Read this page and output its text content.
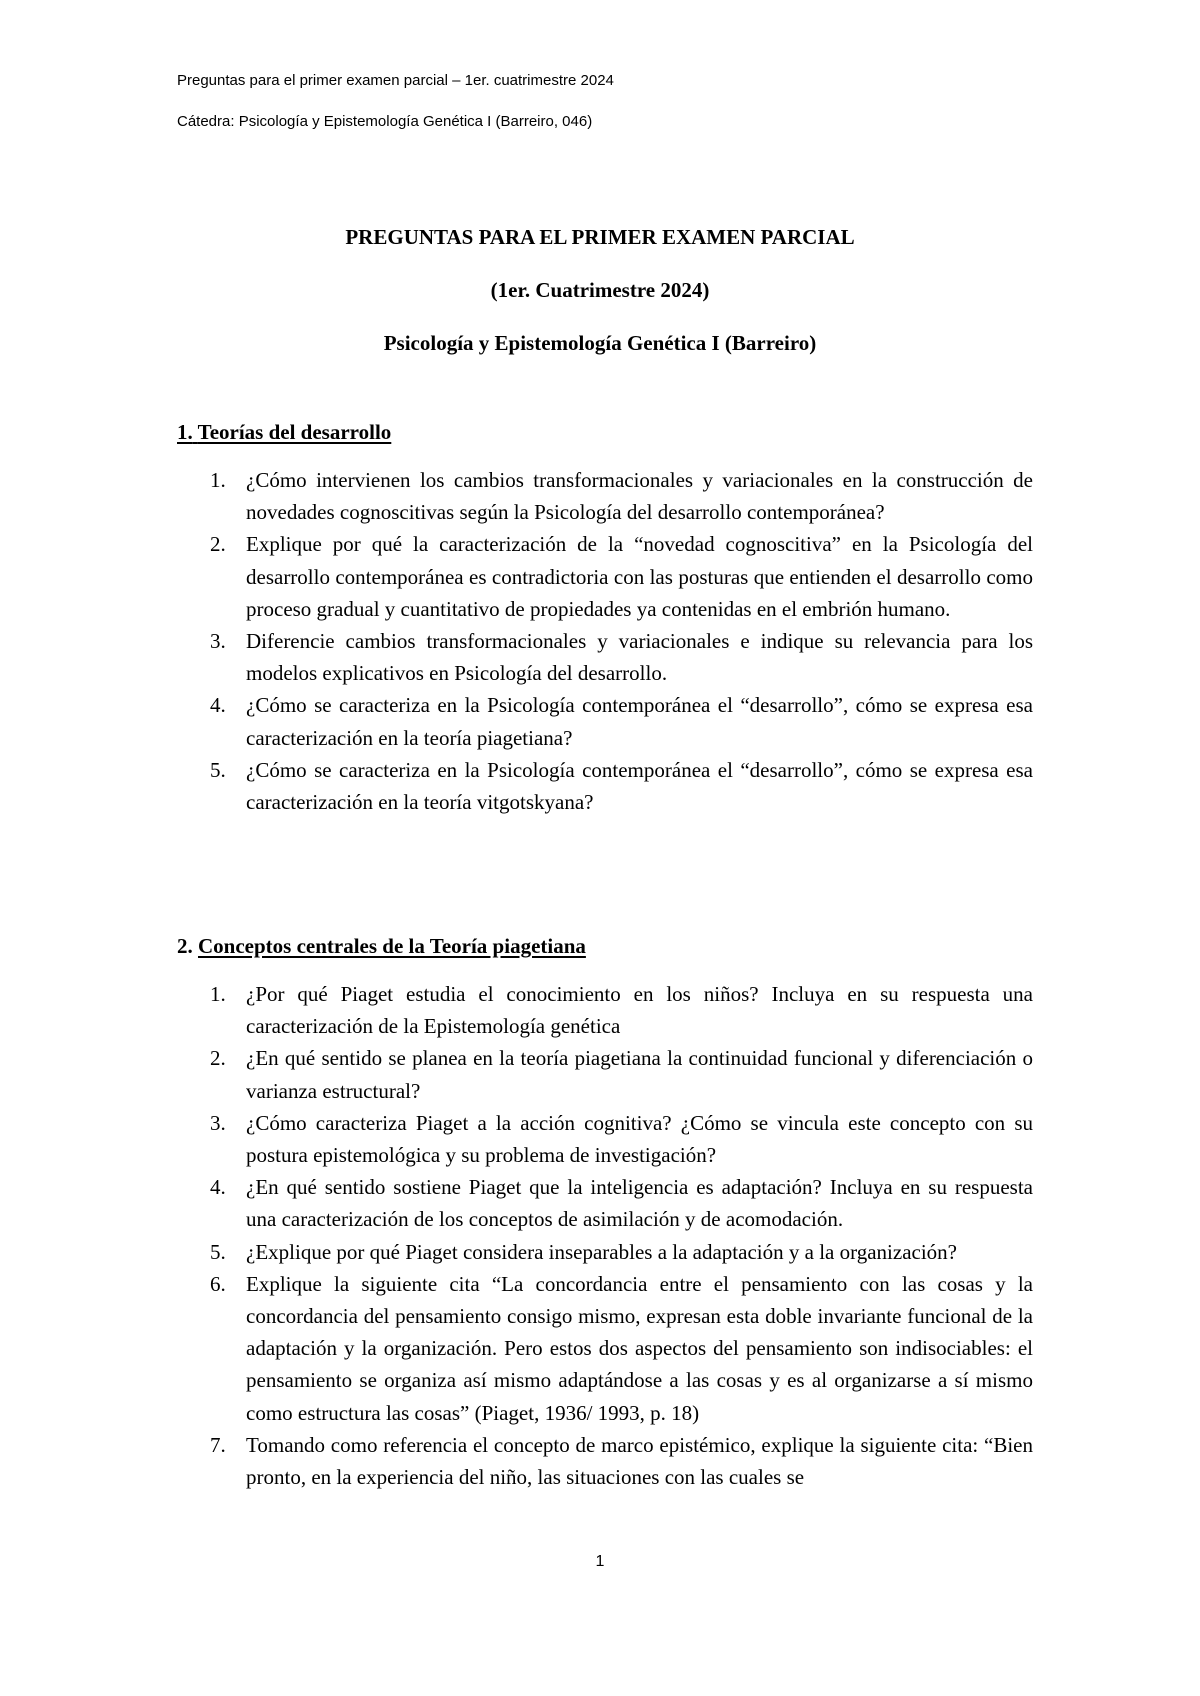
Preguntas para el primer examen parcial – 1er. cuatrimestre 2024
Cátedra: Psicología y Epistemología Genética I (Barreiro, 046)
PREGUNTAS PARA EL PRIMER EXAMEN PARCIAL
(1er. Cuatrimestre 2024)
Psicología y Epistemología Genética I (Barreiro)
1. Teorías del desarrollo
1. ¿Cómo intervienen los cambios transformacionales y variacionales en la construcción de novedades cognoscitivas según la Psicología del desarrollo contemporánea?
2. Explique por qué la caracterización de la “novedad cognoscitiva” en la Psicología del desarrollo contemporánea es contradictoria con las posturas que entienden el desarrollo como proceso gradual y cuantitativo de propiedades ya contenidas en el embrión humano.
3. Diferencie cambios transformacionales y variacionales e indique su relevancia para los modelos explicativos en Psicología del desarrollo.
4. ¿Cómo se caracteriza en la Psicología contemporánea el “desarrollo”, cómo se expresa esa caracterización en la teoría piagetiana?
5. ¿Cómo se caracteriza en la Psicología contemporánea el “desarrollo”, cómo se expresa esa caracterización en la teoría vitgotskyana?
2. Conceptos centrales de la Teoría piagetiana
1. ¿Por qué Piaget estudia el conocimiento en los niños? Incluya en su respuesta una caracterización de la Epistemología genética
2. ¿En qué sentido se planea en la teoría piagetiana la continuidad funcional y diferenciación o varianza estructural?
3. ¿Cómo caracteriza Piaget a la acción cognitiva? ¿Cómo se vincula este concepto con su postura epistemológica y su problema de investigación?
4. ¿En qué sentido sostiene Piaget que la inteligencia es adaptación? Incluya en su respuesta una caracterización de los conceptos de asimilación y de acomodación.
5. ¿Explique por qué Piaget considera inseparables a la adaptación y a la organización?
6. Explique la siguiente cita “La concordancia entre el pensamiento con las cosas y la concordancia del pensamiento consigo mismo, expresan esta doble invariante funcional de la adaptación y la organización. Pero estos dos aspectos del pensamiento son indisociables: el pensamiento se organiza así mismo adaptándose a las cosas y es al organizarse a sí mismo como estructura las cosas” (Piaget, 1936/ 1993, p. 18)
7. Tomando como referencia el concepto de marco epistémico, explique la siguiente cita: “Bien pronto, en la experiencia del niño, las situaciones con las cuales se
1
